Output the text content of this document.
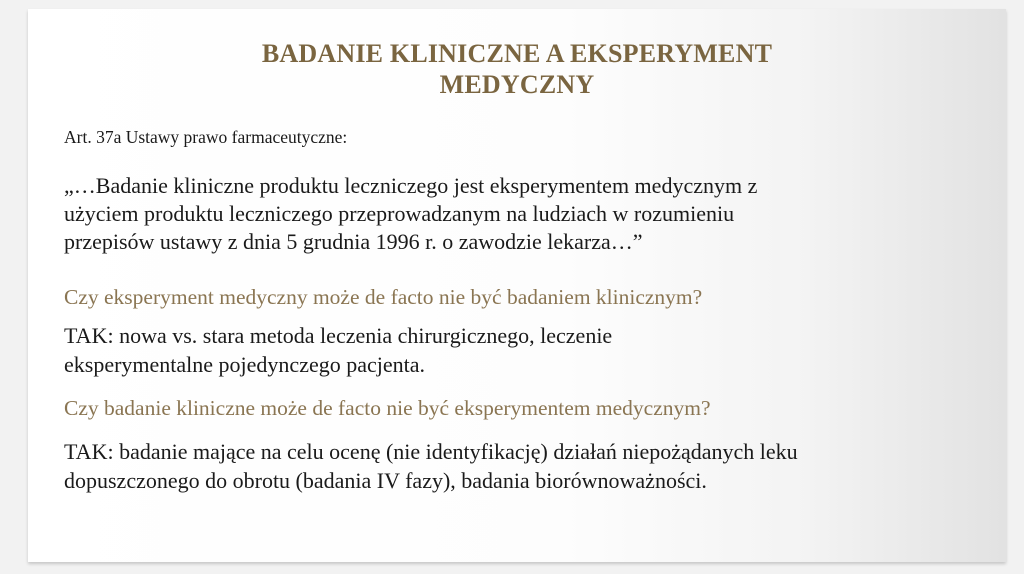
BADANIE KLINICZNE A EKSPERYMENT
MEDYCZNY
Art. 37a Ustawy prawo farmaceutyczne:
„…Badanie kliniczne produktu leczniczego jest eksperymentem medycznym z
użyciem produktu leczniczego przeprowadzanym na ludziach w rozumieniu
przepisów ustawy z dnia 5 grudnia 1996 r. o zawodzie lekarza…”
Czy eksperyment medyczny może de facto nie być badaniem klinicznym?
TAK: nowa vs. stara metoda leczenia chirurgicznego, leczenie
eksperymentalne pojedynczego pacjenta.
Czy badanie kliniczne może de facto nie być eksperymentem medycznym?
TAK: badanie mające na celu ocenę (nie identyfikację) działań niepożądanych leku
dopuszczonego do obrotu (badania IV fazy), badania biorównoważności.
